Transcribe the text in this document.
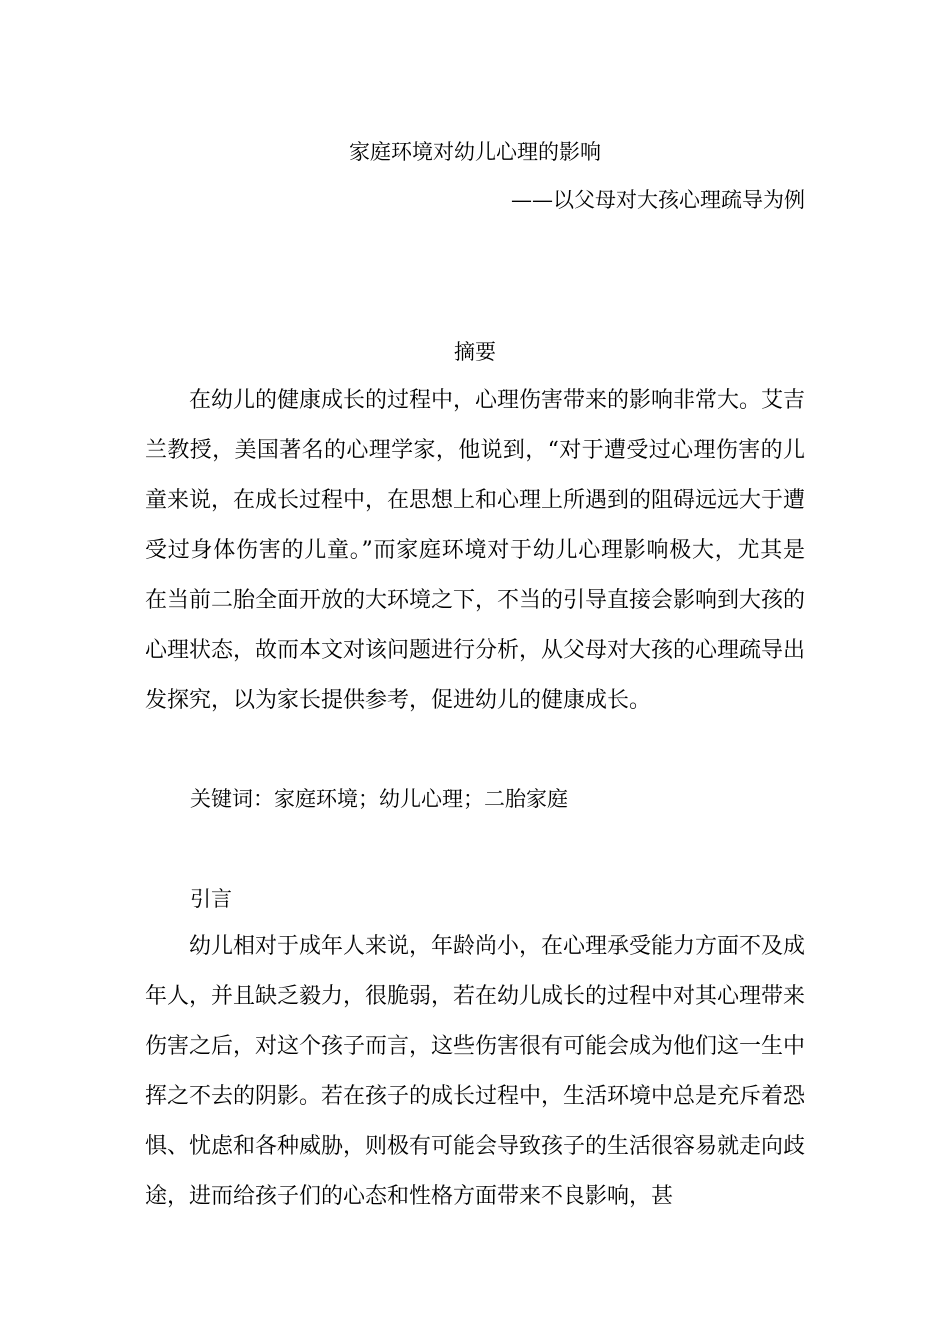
家庭环境对幼儿心理的影响
——以父母对大孩心理疏导为例
摘要

在幼儿的健康成长的过程中，心理伤害带来的影响非常大。艾吉兰教授，美国著名的心理学家，他说到，“对于遭受过心理伤害的儿童来说，在成长过程中，在思想上和心理上所遇到的阻碍远远大于遭受过身体伤害的儿童。”而家庭环境对于幼儿心理影响极大，尤其是在当前二胎全面开放的大环境之下，不当的引导直接会影响到大孩的心理状态，故而本文对该问题进行分析，从父母对大孩的心理疏导出发探究，以为家长提供参考，促进幼儿的健康成长。

关键词：家庭环境；幼儿心理；二胎家庭
引言

幼儿相对于成年人来说，年龄尚小，在心理承受能力方面不及成年人，并且缺乏毅力，很脆弱，若在幼儿成长的过程中对其心理带来伤害之后，对这个孩子而言，这些伤害很有可能会成为他们这一生中挥之不去的阴影。若在孩子的成长过程中，生活环境中总是充斥着恐惧、忧虑和各种威胁，则极有可能会导致孩子的生活很容易就走向歧途，进而给孩子们的心态和性格方面带来不良影响，甚
